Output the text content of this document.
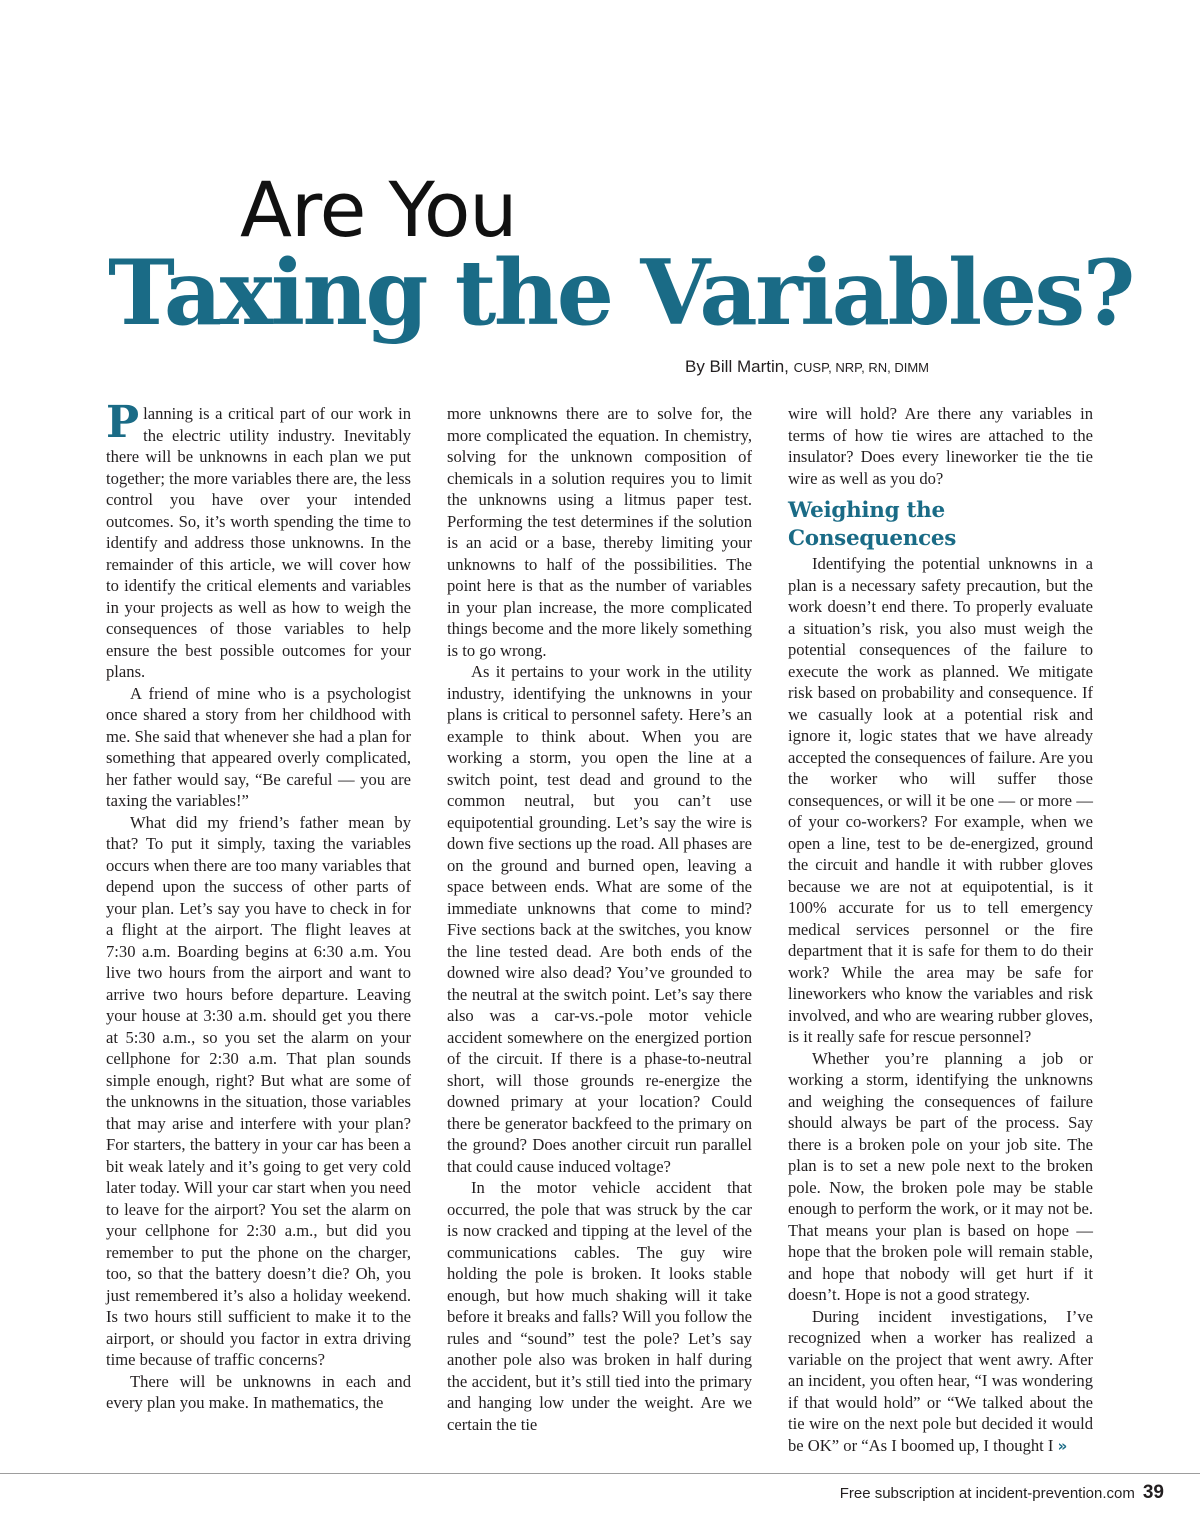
Are You
Taxing the Variables?
By Bill Martin, CUSP, NRP, RN, DIMM

Planning is a critical part of our work in the electric utility industry. Inevitably there will be unknowns in each plan we put together; the more variables there are, the less control you have over your intended outcomes. So, it’s worth spending the time to identify and address those unknowns. In the remainder of this article, we will cover how to identify the critical elements and variables in your projects as well as how to weigh the consequences of those variables to help ensure the best possible outcomes for your plans.

A friend of mine who is a psychologist once shared a story from her childhood with me. She said that whenever she had a plan for something that appeared overly complicated, her father would say, “Be careful — you are taxing the variables!”

What did my friend’s father mean by that? To put it simply, taxing the variables occurs when there are too many variables that depend upon the success of other parts of your plan. Let’s say you have to check in for a flight at the airport. The flight leaves at 7:30 a.m. Boarding begins at 6:30 a.m. You live two hours from the airport and want to arrive two hours before departure. Leaving your house at 3:30 a.m. should get you there at 5:30 a.m., so you set the alarm on your cellphone for 2:30 a.m. That plan sounds simple enough, right? But what are some of the unknowns in the situation, those variables that may arise and interfere with your plan? For starters, the battery in your car has been a bit weak lately and it’s going to get very cold later today. Will your car start when you need to leave for the airport? You set the alarm on your cellphone for 2:30 a.m., but did you remember to put the phone on the charger, too, so that the battery doesn’t die? Oh, you just remembered it’s also a holiday weekend. Is two hours still sufficient to make it to the airport, or should you factor in extra driving time because of traffic concerns?

There will be unknowns in each and every plan you make. In mathematics, the

more unknowns there are to solve for, the more complicated the equation. In chemistry, solving for the unknown composition of chemicals in a solution requires you to limit the unknowns using a litmus paper test. Performing the test determines if the solution is an acid or a base, thereby limiting your unknowns to half of the possibilities. The point here is that as the number of variables in your plan increase, the more complicated things become and the more likely something is to go wrong.

As it pertains to your work in the utility industry, identifying the unknowns in your plans is critical to personnel safety. Here’s an example to think about. When you are working a storm, you open the line at a switch point, test dead and ground to the common neutral, but you can’t use equipotential grounding. Let’s say the wire is down five sections up the road. All phases are on the ground and burned open, leaving a space between ends. What are some of the immediate unknowns that come to mind? Five sections back at the switches, you know the line tested dead. Are both ends of the downed wire also dead? You’ve grounded to the neutral at the switch point. Let’s say there also was a car-vs.-pole motor vehicle accident somewhere on the energized portion of the circuit. If there is a phase-to-neutral short, will those grounds re-energize the downed primary at your location? Could there be generator backfeed to the primary on the ground? Does another circuit run parallel that could cause induced voltage?

In the motor vehicle accident that occurred, the pole that was struck by the car is now cracked and tipping at the level of the communications cables. The guy wire holding the pole is broken. It looks stable enough, but how much shaking will it take before it breaks and falls? Will you follow the rules and “sound” test the pole? Let’s say another pole also was broken in half during the accident, but it’s still tied into the primary and hanging low under the weight. Are we certain the tie

wire will hold? Are there any variables in terms of how tie wires are attached to the insulator? Does every lineworker tie the tie wire as well as you do?

Weighing the Consequences

Identifying the potential unknowns in a plan is a necessary safety precaution, but the work doesn’t end there. To properly evaluate a situation’s risk, you also must weigh the potential consequences of the failure to execute the work as planned. We mitigate risk based on probability and consequence. If we casually look at a potential risk and ignore it, logic states that we have already accepted the consequences of failure. Are you the worker who will suffer those consequences, or will it be one — or more — of your co-workers? For example, when we open a line, test to be de-energized, ground the circuit and handle it with rubber gloves because we are not at equipotential, is it 100% accurate for us to tell emergency medical services personnel or the fire department that it is safe for them to do their work? While the area may be safe for lineworkers who know the variables and risk involved, and who are wearing rubber gloves, is it really safe for rescue personnel?

Whether you’re planning a job or working a storm, identifying the unknowns and weighing the consequences of failure should always be part of the process. Say there is a broken pole on your job site. The plan is to set a new pole next to the broken pole. Now, the broken pole may be stable enough to perform the work, or it may not be. That means your plan is based on hope — hope that the broken pole will remain stable, and hope that nobody will get hurt if it doesn’t. Hope is not a good strategy.

During incident investigations, I’ve recognized when a worker has realized a variable on the project that went awry. After an incident, you often hear, “I was wondering if that would hold” or “We talked about the tie wire on the next pole but decided it would be OK” or “As I boomed up, I thought I »

Free subscription at incident-prevention.com 39
